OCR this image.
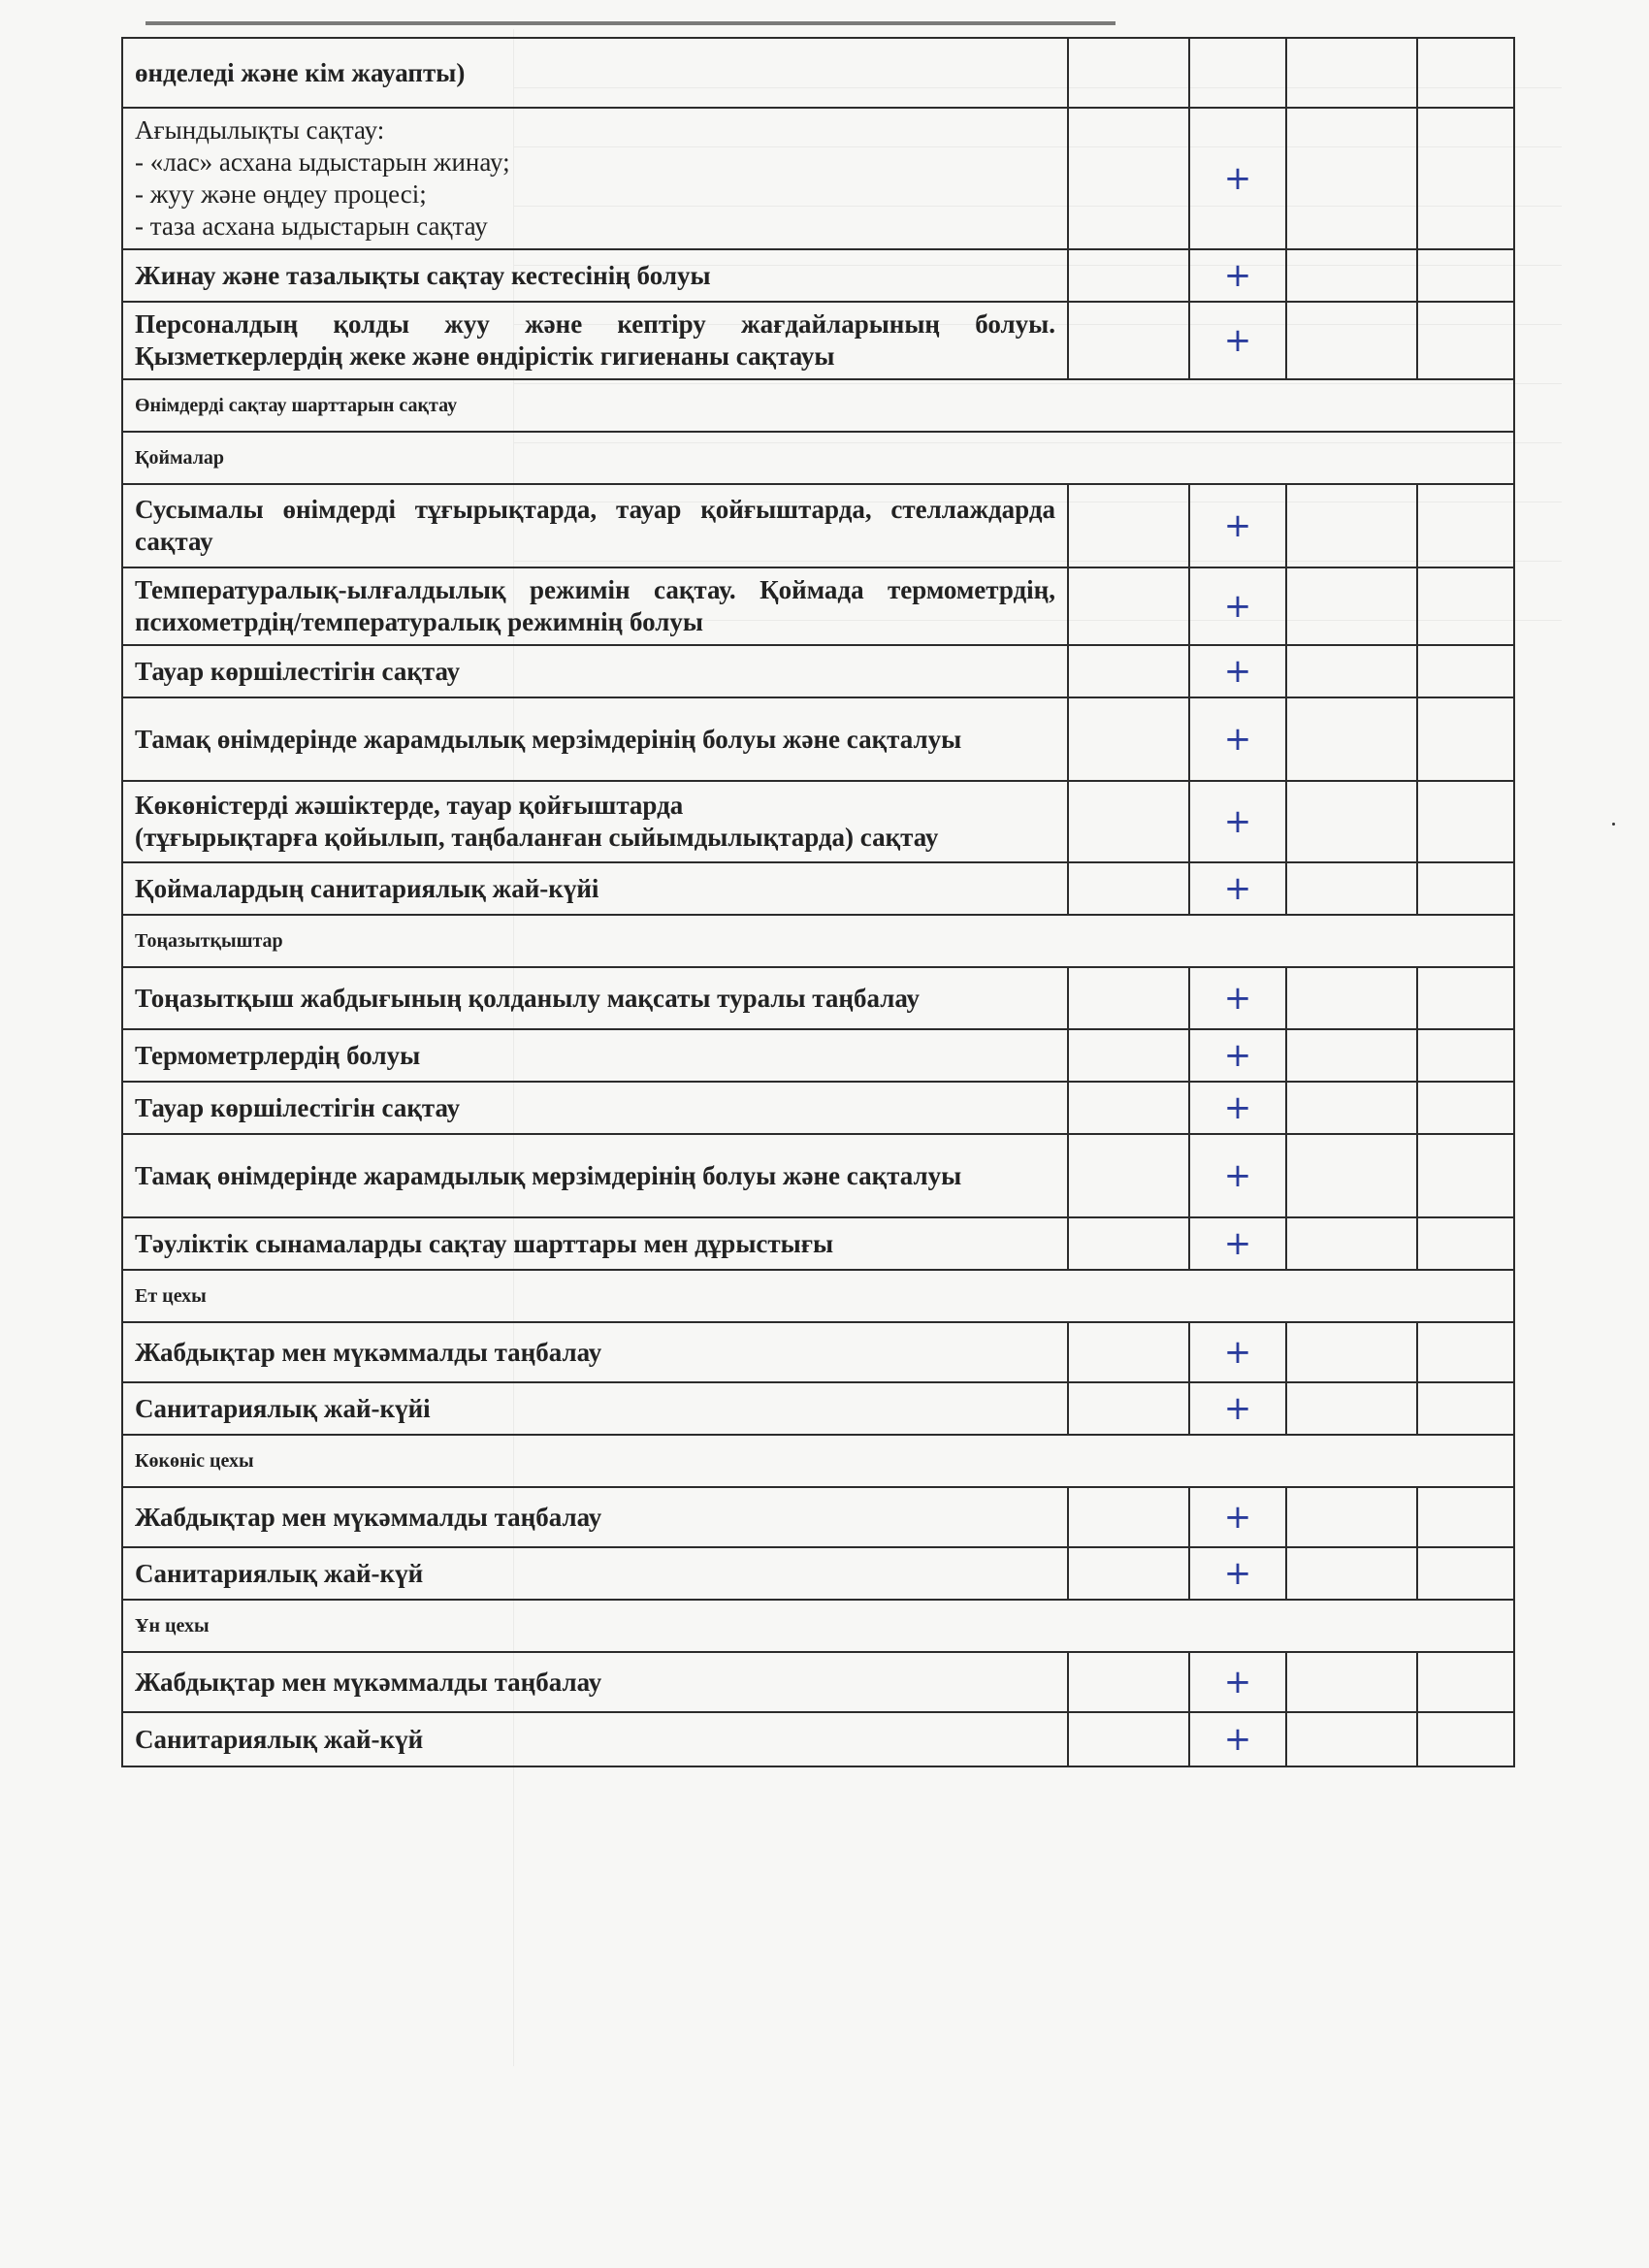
өнделеді және кім жауапты)				

Ағындылықты сақтау:
- «лас» асхана ыдыстарын жинау;
- жуу және өңдеу процесі;
- таза асхана ыдыстарын сақтау		+		
Жинау және тазалықты сақтау кестесінің болуы		+		
Персоналдың қолды жуу және кептіру жағдайларының болуы. Қызметкерлердің жеке және өндірістік гигиенаны сақтауы		+		
Өнімдерді сақтау шарттарын сақтау				
Қоймалар				
Сусымалы өнімдерді тұғырықтарда, тауар қойғыштарда, стеллаждарда сақтау		+		
Температуралық-ылғалдылық режимін сақтау. Қоймада термометрдің, психометрдің/температуралық режимнің болуы		+		
Тауар көршілестігін сақтау		+		
Тамақ өнімдерінде жарамдылық мерзімдерінің болуы және сақталуы		+		

Көкөністерді жәшіктерде, тауар қойғыштарда
(тұғырықтарға қойылып, таңбаланған сыйымдылықтарда) сақтау		+		
Қоймалардың санитариялық жай-күйі		+		
Тоңазытқыштар				
Тоңазытқыш жабдығының қолданылу мақсаты туралы таңбалау		+		
Термометрлердің болуы		+		
Тауар көршілестігін сақтау		+		
Тамақ өнімдерінде жарамдылық мерзімдерінің болуы және сақталуы		+		
Тәуліктік сынамаларды сақтау шарттары мен дұрыстығы		+		
Ет цехы				
Жабдықтар мен мүкәммалды таңбалау		+		
Санитариялық жай-күйі		+		
Көкөніс цехы				
Жабдықтар мен мүкәммалды таңбалау		+		
Санитариялық жай-күй		+		
Ұн цехы				
Жабдықтар мен мүкәммалды таңбалау		+		
Санитариялық жай-күй		+		
